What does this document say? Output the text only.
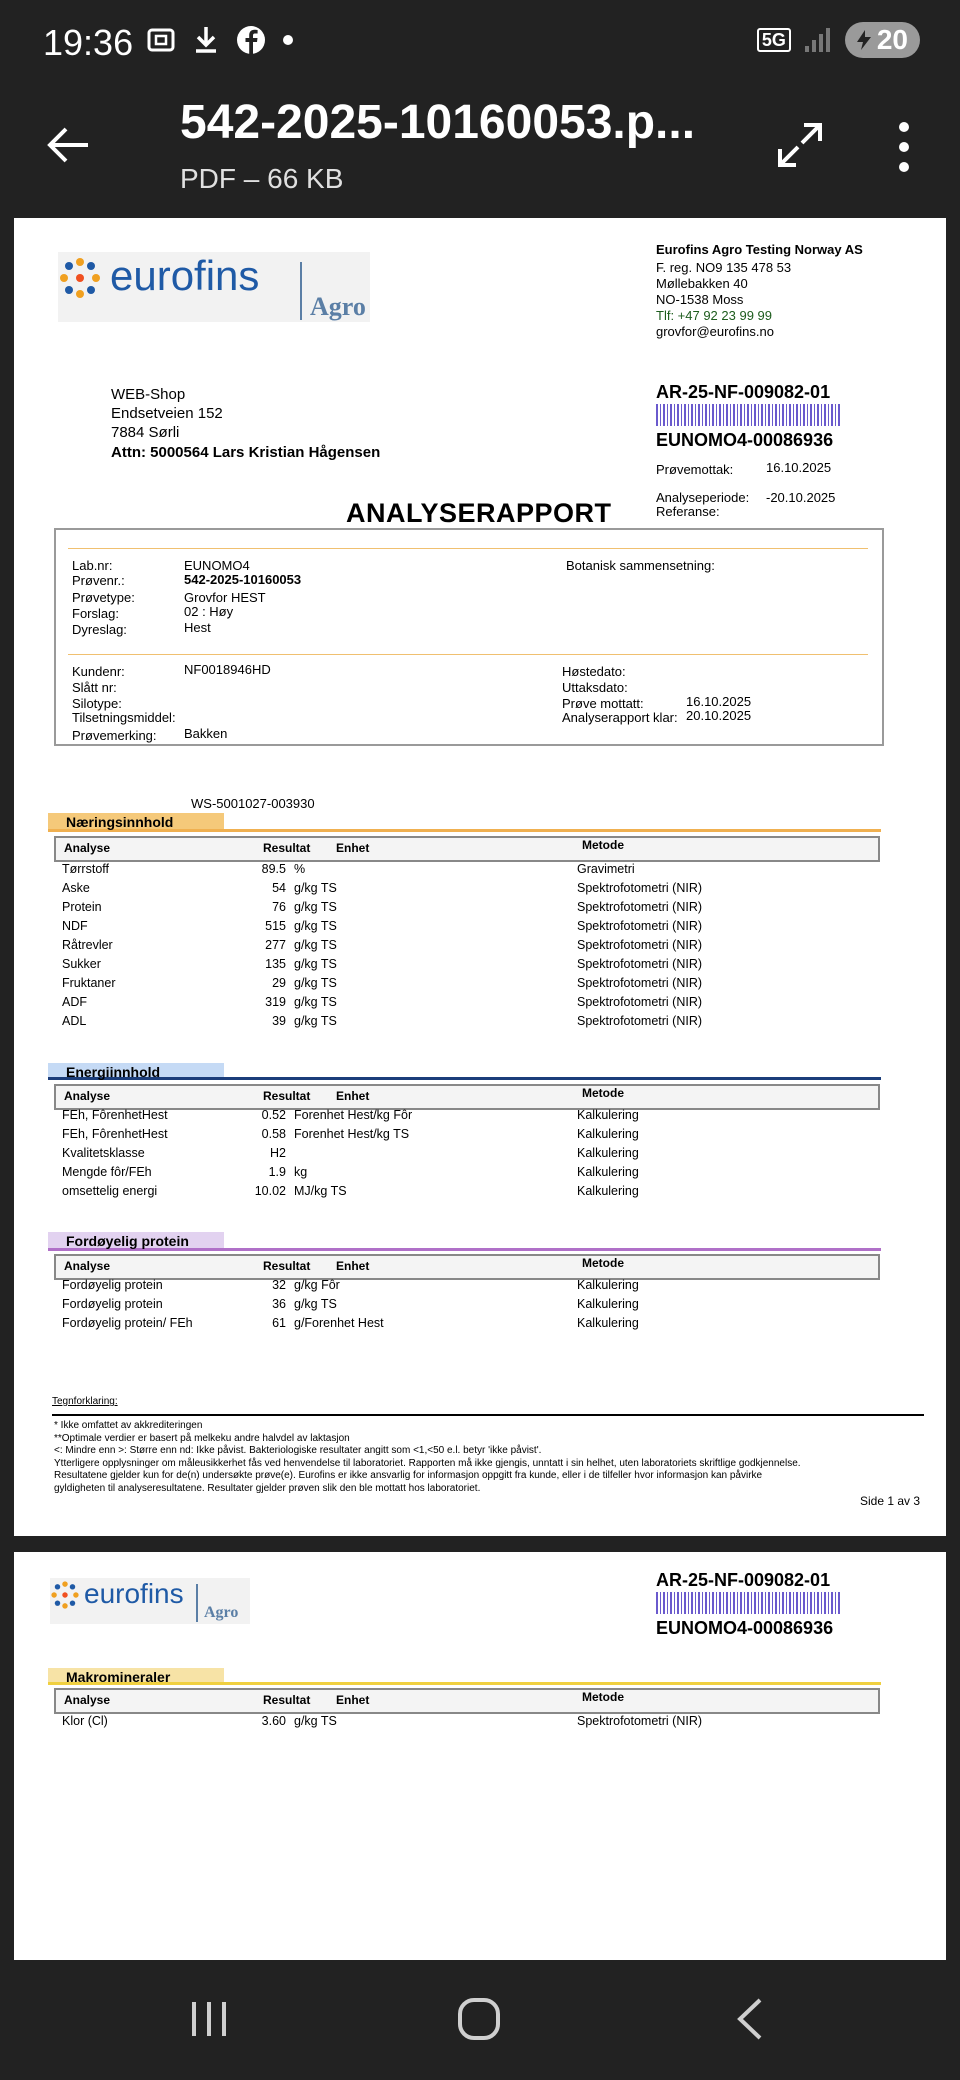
19:36	5G	20
542-2025-10160053.p...
PDF – 66 KB
eurofins
Agro
Eurofins Agro Testing Norway AS
F. reg. NO9 135 478 53
Møllebakken 40
NO-1538 Moss
Tlf: +47 92 23 99 99
grovfor@eurofins.no
WEB-Shop
Endsetveien 152
7884 Sørli
Attn: 5000564 Lars Kristian Hågensen
AR-25-NF-009082-01
EUNOMO4-00086936
Prøvemottak:	16.10.2025
Analyseperiode: -20.10.2025
Referanse:
ANALYSERAPPORT
Lab.nr:	EUNOMO4
Prøvenr.:	542-2025-10160053
Prøvetype:	Grovfor HEST
Forslag:	02 : Høy
Dyreslag:	Hest
Botanisk sammensetning:
Kundenr:	NF0018946HD
Slått nr:
Silotype:
Tilsetningsmiddel:
Prøvemerking: Bakken
Høstedato:
Uttaksdato:
Prøve mottatt:	16.10.2025
Analyserapport klar: 20.10.2025
WS-5001027-003930
Næringsinnhold
Analyse	Resultat Enhet	Metode
Tørrstoff	89.5 %	Gravimetri
Aske	54 g/kg TS	Spektrofotometri (NIR)
Protein	76 g/kg TS	Spektrofotometri (NIR)
NDF	515 g/kg TS	Spektrofotometri (NIR)
Råtrevler	277 g/kg TS	Spektrofotometri (NIR)
Sukker	135 g/kg TS	Spektrofotometri (NIR)
Fruktaner	29 g/kg TS	Spektrofotometri (NIR)
ADF	319 g/kg TS	Spektrofotometri (NIR)
ADL	39 g/kg TS	Spektrofotometri (NIR)
Energiinnhold
Analyse	Resultat Enhet	Metode
FEh, FôrenhetHest	0.52 Forenhet Hest/kg Fôr	Kalkulering
FEh, FôrenhetHest	0.58 Forenhet Hest/kg TS	Kalkulering
Kvalitetsklasse	H2	Kalkulering
Mengde fôr/FEh	1.9 kg	Kalkulering
omsettelig energi	10.02 MJ/kg TS	Kalkulering
Fordøyelig protein
Analyse	Resultat Enhet	Metode
Fordøyelig protein	32 g/kg Fôr	Kalkulering
Fordøyelig protein	36 g/kg TS	Kalkulering
Fordøyelig protein/ FEh	61 g/Forenhet Hest	Kalkulering
Tegnforklaring:
* Ikke omfattet av akkrediteringen
**Optimale verdier er basert på melkeku andre halvdel av laktasjon
<: Mindre enn >: Større enn nd: Ikke påvist. Bakteriologiske resultater angitt som <1,<50 e.l. betyr 'ikke påvist'.
Ytterligere opplysninger om måleusikkerhet fås ved henvendelse til laboratoriet. Rapporten må ikke gjengis, unntatt i sin helhet, uten laboratoriets skriftlige godkjennelse.
Resultatene gjelder kun for de(n) undersøkte prøve(e). Eurofins er ikke ansvarlig for informasjon oppgitt fra kunde, eller i de tilfeller hvor informasjon kan påvirke
gyldigheten til analyseresultatene. Resultater gjelder prøven slik den ble mottatt hos laboratoriet.
Side 1 av 3
eurofins
Agro
AR-25-NF-009082-01
EUNOMO4-00086936
Makromineraler
Analyse	Resultat Enhet	Metode
Klor (Cl)	3.60 g/kg TS	Spektrofotometri (NIR)
